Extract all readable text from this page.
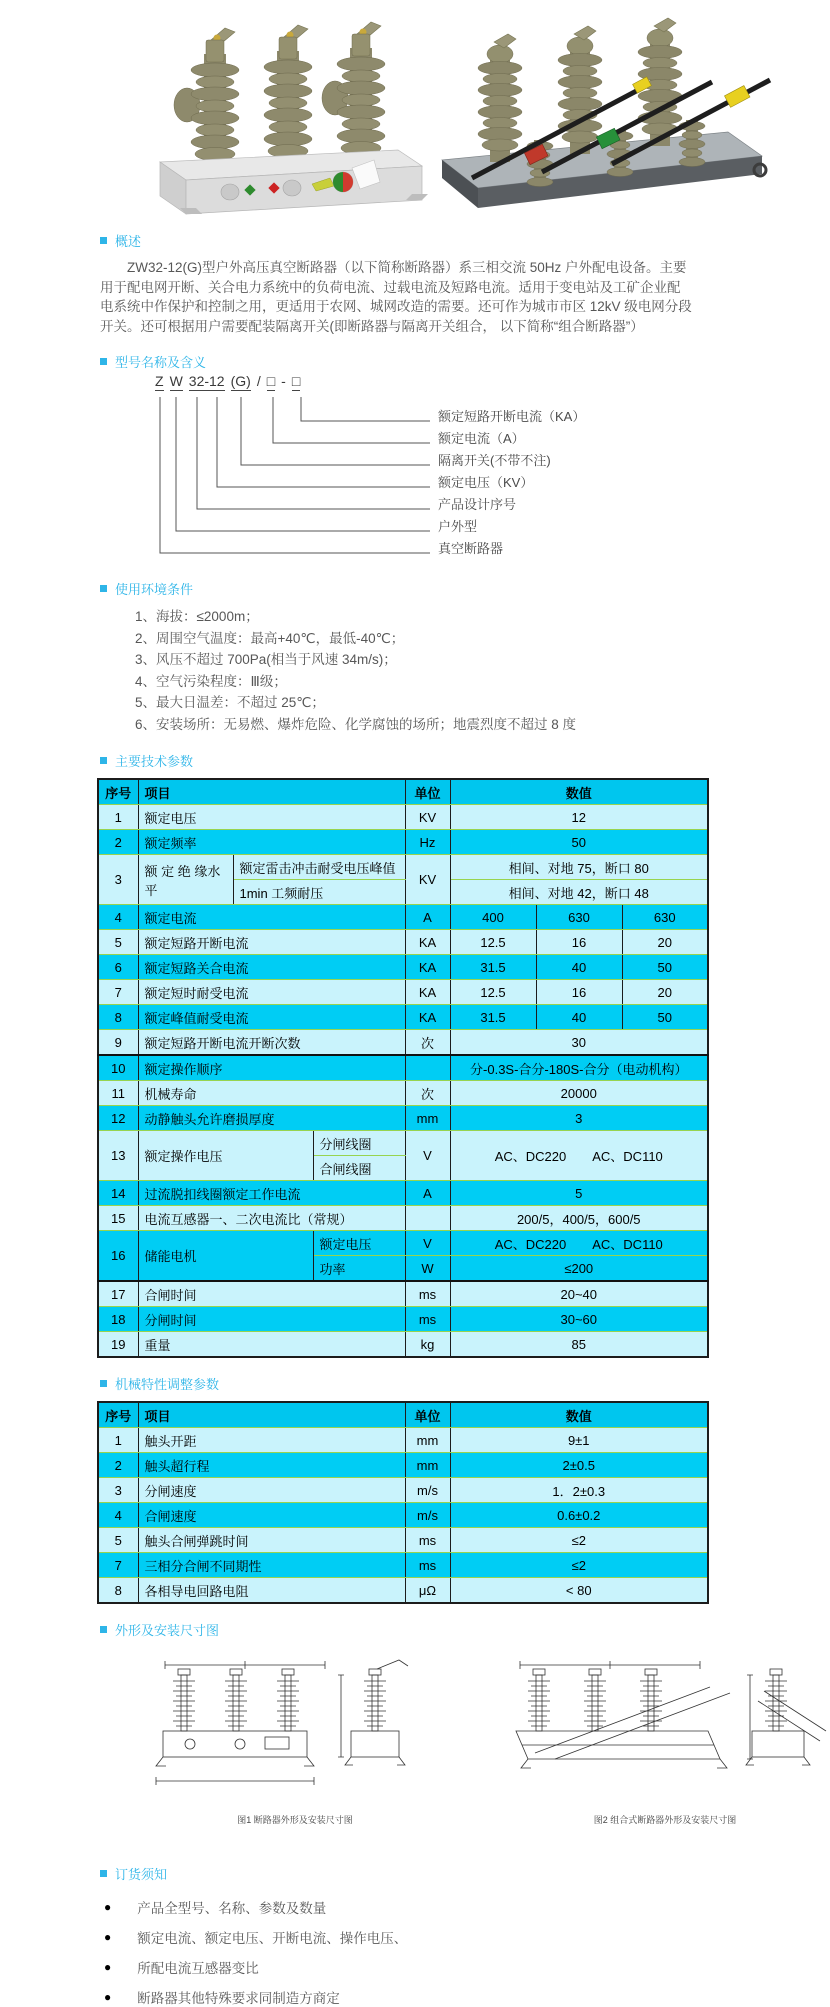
概述

ZW32-12(G)型户外高压真空断路器（以下简称断路器）系三相交流 50Hz 户外配电设备。主要用于配电网开断、关合电力系统中的负荷电流、过载电流及短路电流。适用于变电站及工矿企业配电系统中作保护和控制之用，更适用于农网、城网改造的需要。还可作为城市市区 12kV 级电网分段开关。还可根据用户需要配装隔离开关(即断路器与隔离开关组合， 以下简称“组合断路器”）

型号名称及含义
Z W 32-12 (G) / □ - □
额定短路开断电流（KA）
额定电流（A）
隔离开关(不带不注)
额定电压（KV）
产品设计序号
户外型
真空断路器
使用环境条件
1、海拔：≤2000m；
2、周围空气温度：最高+40℃，最低-40℃；
3、风压不超过 700Pa(相当于风速 34m/s)；
4、空气污染程度：Ⅲ级；
5、最大日温差：不超过 25℃；
6、安装场所：无易燃、爆炸危险、化学腐蚀的场所；地震烈度不超过 8 度
主要技术参数
序号	项目			单位	数值		
1	额定电压			KV	12		
2	额定频率			Hz	50		
3	额 定 绝 缘水平	额定雷击冲击耐受电压峰值		KV	相间、对地 75，断口 80		
		1min 工频耐压			相间、对地 42，断口 48		
4	额定电流			A	400	630	630
5	额定短路开断电流			KA	12.5	16	20
6	额定短路关合电流			KA	31.5	40	50
7	额定短时耐受电流			KA	12.5	16	20
8	额定峰值耐受电流			KA	31.5	40	50
9	额定短路开断电流开断次数			次	30		
10	额定操作顺序				分-0.3S-合分-180S-合分（电动机构）		
11	机械寿命			次	20000		
12	动静触头允许磨损厚度			mm	3		
13	额定操作电压		分闸线圈	V	AC、DC220　　AC、DC110		
			合闸线圈				
14	过流脱扣线圈额定工作电流			A	5		
15	电流互感器一、二次电流比（常规）				200/5，400/5，600/5		
16	储能电机		额定电压	V	AC、DC220　　AC、DC110		
			功率	W	≤200		
17	合闸时间			ms	20~40		
18	分闸时间			ms	30~60		
19	重量			kg	85		
机械特性调整参数
序号	项目	单位	数值
1	触头开距	mm	9±1
2	触头超行程	mm	2±0.5
3	分闸速度	m/s	1．2±0.3
4	合闸速度	m/s	0.6±0.2
5	触头合闸弹跳时间	ms	≤2
7	三相分合闸不同期性	ms	≤2
8	各相导电回路电阻	μΩ	< 80
外形及安装尺寸图
图1 断路器外形及安装尺寸图	图2 组合式断路器外形及安装尺寸图
订货须知
● 产品全型号、名称、参数及数量
● 额定电流、额定电压、开断电流、操作电压、
● 所配电流互感器变比
● 断路器其他特殊要求同制造方商定
